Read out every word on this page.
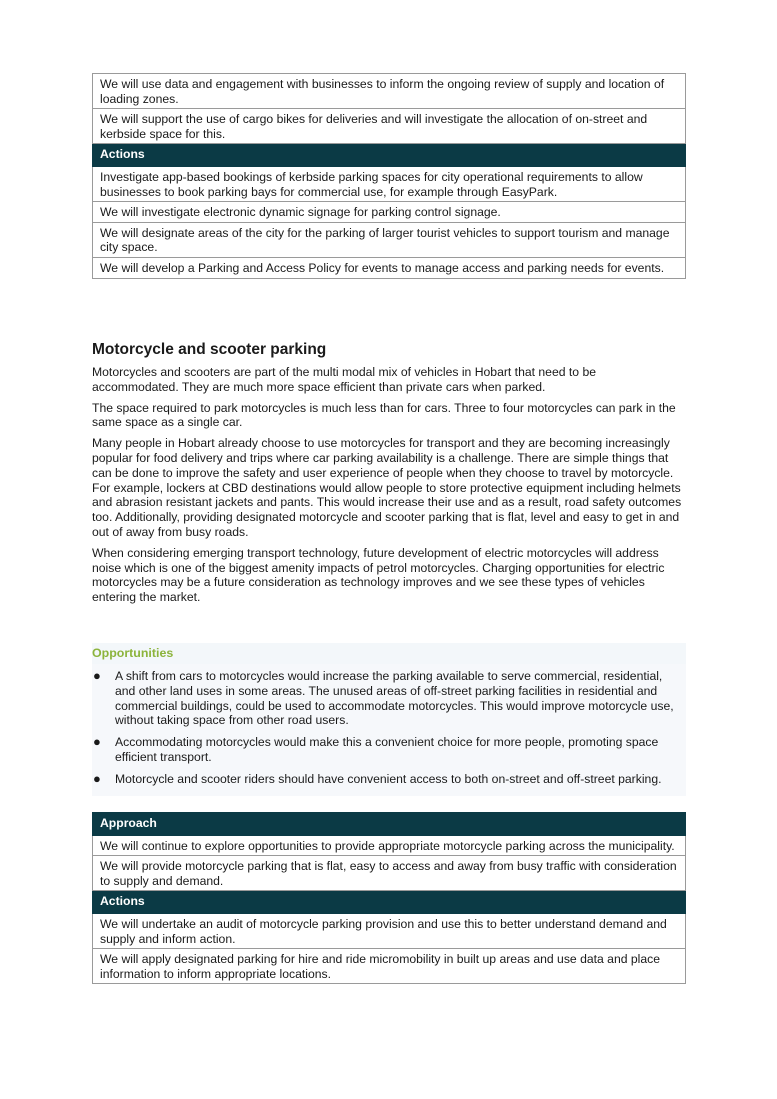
We will use data and engagement with businesses to inform the ongoing review of supply and location of loading zones.
We will support the use of cargo bikes for deliveries and will investigate the allocation of on-street and kerbside space for this.
Actions
Investigate app-based bookings of kerbside parking spaces for city operational requirements to allow businesses to book parking bays for commercial use, for example through EasyPark.
We will investigate electronic dynamic signage for parking control signage.
We will designate areas of the city for the parking of larger tourist vehicles to support tourism and manage city space.
We will develop a Parking and Access Policy for events to manage access and parking needs for events.
Motorcycle and scooter parking

Motorcycles and scooters are part of the multi modal mix of vehicles in Hobart that need to be accommodated. They are much more space efficient than private cars when parked.

The space required to park motorcycles is much less than for cars. Three to four motorcycles can park in the same space as a single car.

Many people in Hobart already choose to use motorcycles for transport and they are becoming increasingly popular for food delivery and trips where car parking availability is a challenge. There are simple things that can be done to improve the safety and user experience of people when they choose to travel by motorcycle. For example, lockers at CBD destinations would allow people to store protective equipment including helmets and abrasion resistant jackets and pants. This would increase their use and as a result, road safety outcomes too. Additionally, providing designated motorcycle and scooter parking that is flat, level and easy to get in and out of away from busy roads.

When considering emerging transport technology, future development of electric motorcycles will address noise which is one of the biggest amenity impacts of petrol motorcycles. Charging opportunities for electric motorcycles may be a future consideration as technology improves and we see these types of vehicles entering the market.

Opportunities
● A shift from cars to motorcycles would increase the parking available to serve commercial, residential, and other land uses in some areas. The unused areas of off-street parking facilities in residential and commercial buildings, could be used to accommodate motorcycles. This would improve motorcycle use, without taking space from other road users.
● Accommodating motorcycles would make this a convenient choice for more people, promoting space efficient transport.
● Motorcycle and scooter riders should have convenient access to both on-street and off-street parking.
Approach
We will continue to explore opportunities to provide appropriate motorcycle parking across the municipality.
We will provide motorcycle parking that is flat, easy to access and away from busy traffic with consideration to supply and demand.
Actions
We will undertake an audit of motorcycle parking provision and use this to better understand demand and supply and inform action.
We will apply designated parking for hire and ride micromobility in built up areas and use data and place information to inform appropriate locations.
